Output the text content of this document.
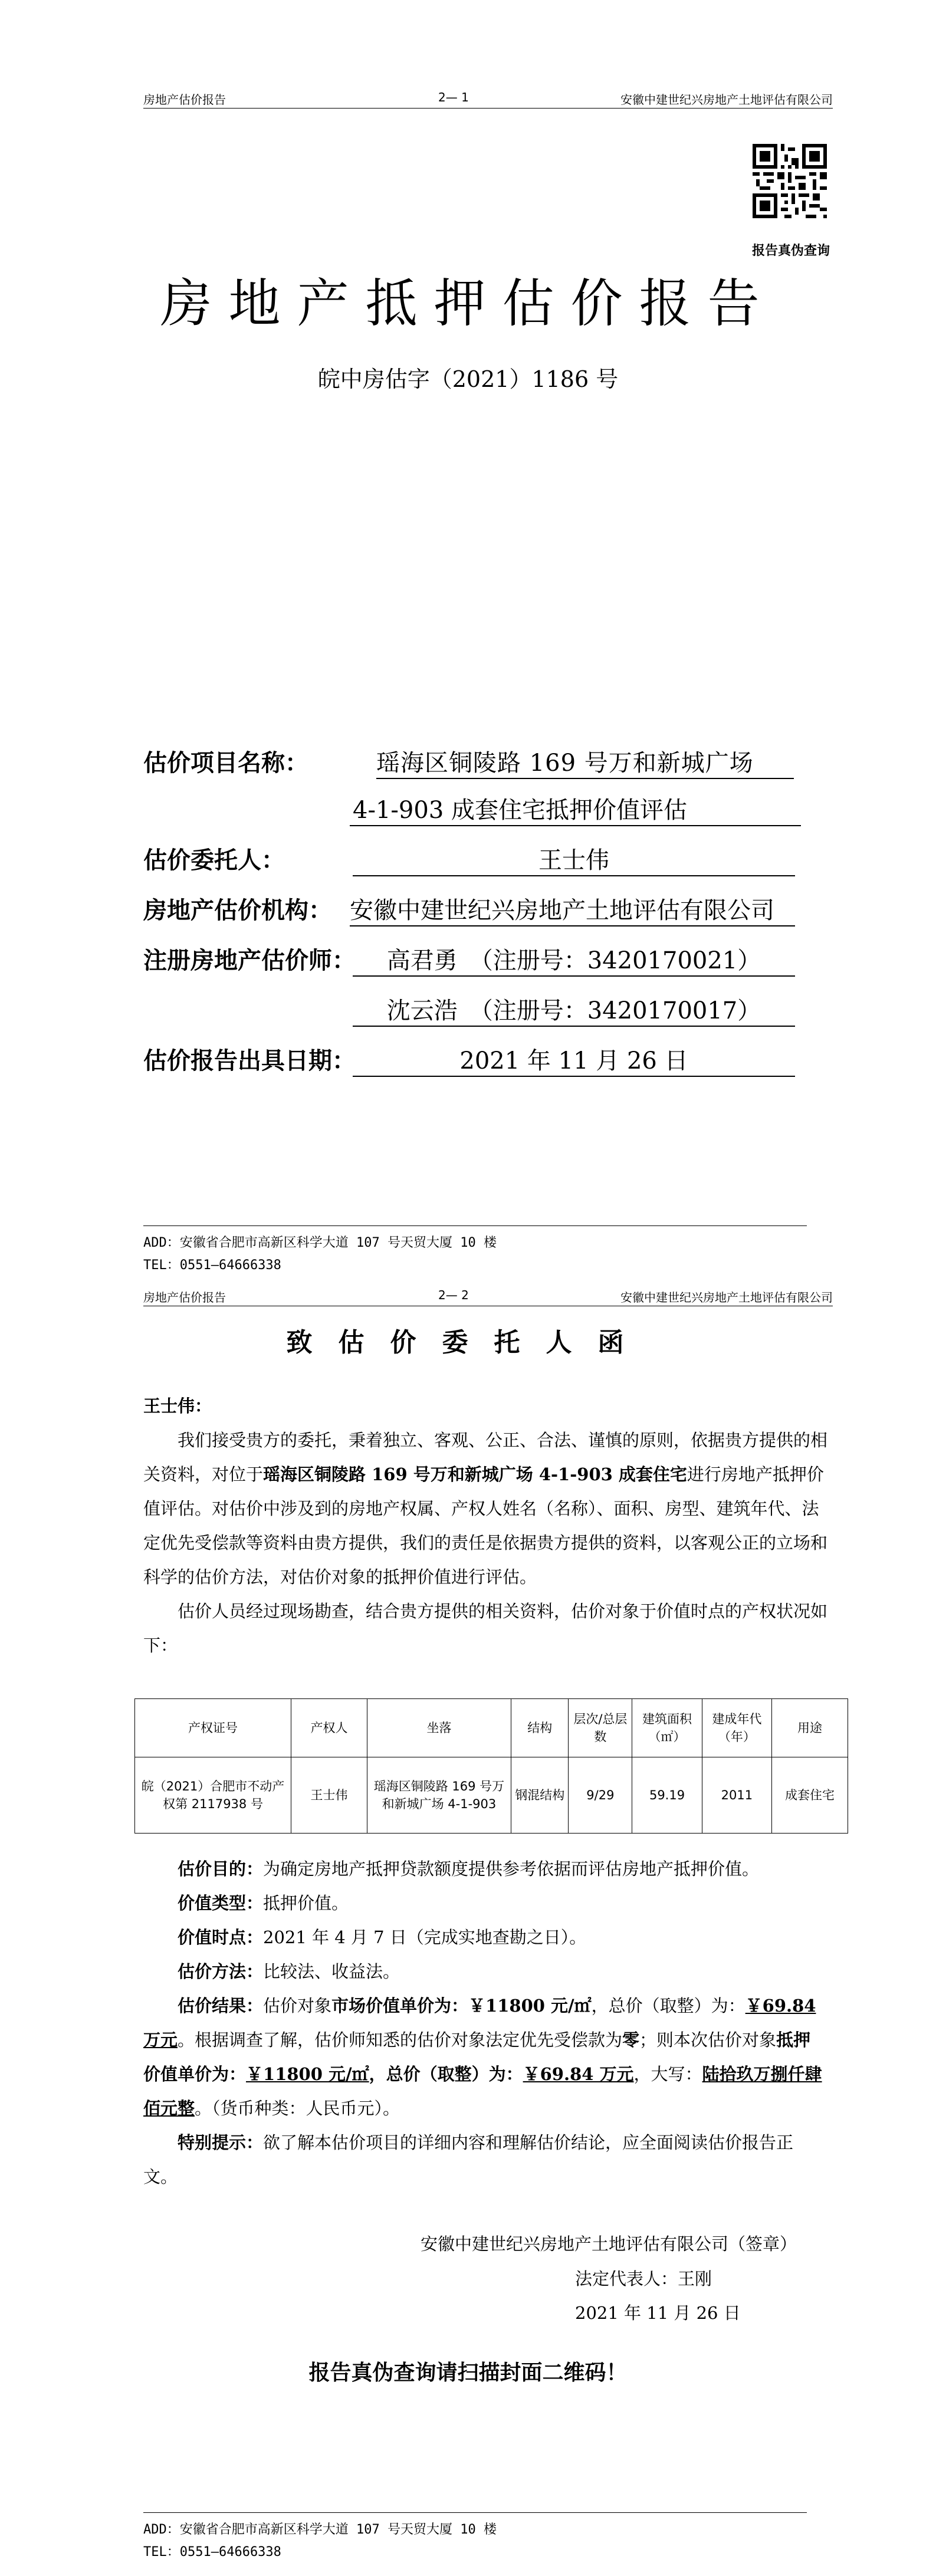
房地产估价报告	2— 1	安徽中建世纪兴房地产土地评估有限公司
报告真伪查询
房地产抵押估价报告
皖中房估字（2021）1186 号
估价项目名称：	瑶海区铜陵路 169 号万和新城广场
4-1-903 成套住宅抵押价值评估
估价委托人：	王士伟
房地产估价机构： 安徽中建世纪兴房地产土地评估有限公司
注册房地产估价师：	高君勇　（注册号：3420170021）
沈云浩　（注册号：3420170017）
估价报告出具日期：	2021 年 11 月 26 日
ADD：安徽省合肥市高新区科学大道 107 号天贸大厦 10 楼
TEL：0551—64666338
房地产估价报告	2— 2	安徽中建世纪兴房地产土地评估有限公司
致估价委托人函
王士伟：

我们接受贵方的委托，秉着独立、客观、公正、合法、谨慎的原则，依据贵方提供的相关资料，对位于瑶海区铜陵路 169 号万和新城广场 4-1-903 成套住宅进行房地产抵押价值评估。对估价中涉及到的房地产权属、产权人姓名（名称）、面积、房型、建筑年代、法定优先受偿款等资料由贵方提供，我们的责任是依据贵方提供的资料，以客观公正的立场和科学的估价方法，对估价对象的抵押价值进行评估。

估价人员经过现场勘查，结合贵方提供的相关资料，估价对象于价值时点的产权状况如下：

产权证号	产权人	坐落	结构	层次/总层数	建筑面积（㎡）	建成年代（年）	用途
皖（2021）合肥市不动产权第 2117938 号	王士伟	瑶海区铜陵路 169 号万和新城广场 4-1-903	钢混结构	9/29	59.19	2011	成套住宅

估价目的：为确定房地产抵押贷款额度提供参考依据而评估房地产抵押价值。

价值类型：抵押价值。

价值时点：2021 年 4 月 7 日（完成实地查勘之日）。

估价方法：比较法、收益法。

估价结果：估价对象市场价值单价为：￥11800 元/㎡，总价（取整）为：￥69.84 万元。根据调查了解，估价师知悉的估价对象法定优先受偿款为零；则本次估价对象抵押价值单价为：￥11800 元/㎡，总价（取整）为：￥69.84 万元，大写：陆拾玖万捌仟肆佰元整。（货币种类：人民币元）。

特别提示：欲了解本估价项目的详细内容和理解估价结论，应全面阅读估价报告正文。

安徽中建世纪兴房地产土地评估有限公司（签章）
法定代表人：王刚
2021 年 11 月 26 日
报告真伪查询请扫描封面二维码！
ADD：安徽省合肥市高新区科学大道 107 号天贸大厦 10 楼
TEL：0551—64666338
